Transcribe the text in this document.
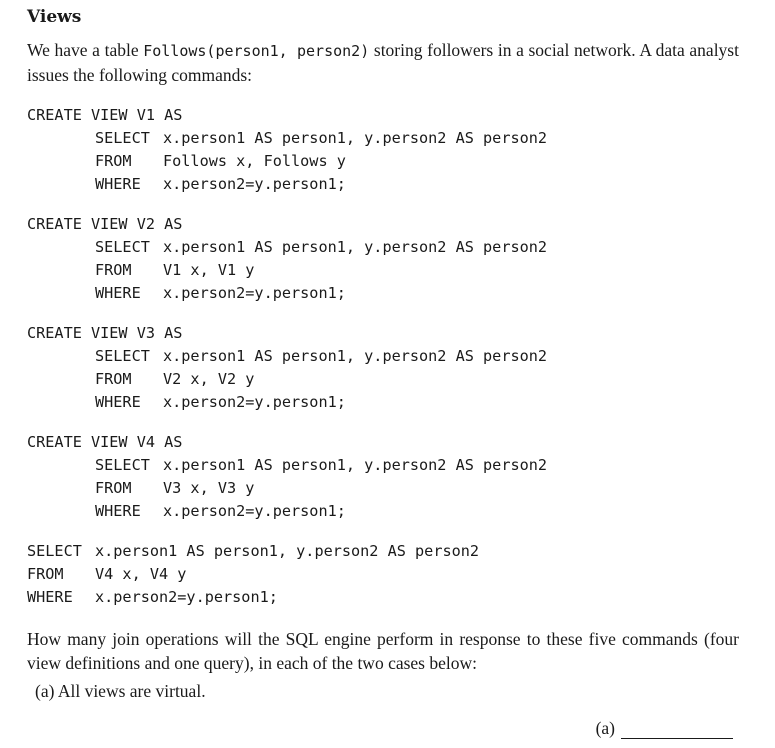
Views

We have a table Follows(person1, person2) storing followers in a social network. A data analyst issues the following commands:

CREATE VIEW V1 AS
SELECT x.person1 AS person1, y.person2 AS person2
FROM Follows x, Follows y
WHERE x.person2=y.person1;
CREATE VIEW V2 AS
SELECT x.person1 AS person1, y.person2 AS person2
FROM V1 x, V1 y
WHERE x.person2=y.person1;
CREATE VIEW V3 AS
SELECT x.person1 AS person1, y.person2 AS person2
FROM V2 x, V2 y
WHERE x.person2=y.person1;
CREATE VIEW V4 AS
SELECT x.person1 AS person1, y.person2 AS person2
FROM V3 x, V3 y
WHERE x.person2=y.person1;
SELECT x.person1 AS person1, y.person2 AS person2
FROM V4 x, V4 y
WHERE x.person2=y.person1;

How many join operations will the SQL engine perform in response to these five commands (four view definitions and one query), in each of the two cases below:

(a) All views are virtual.
(a)
